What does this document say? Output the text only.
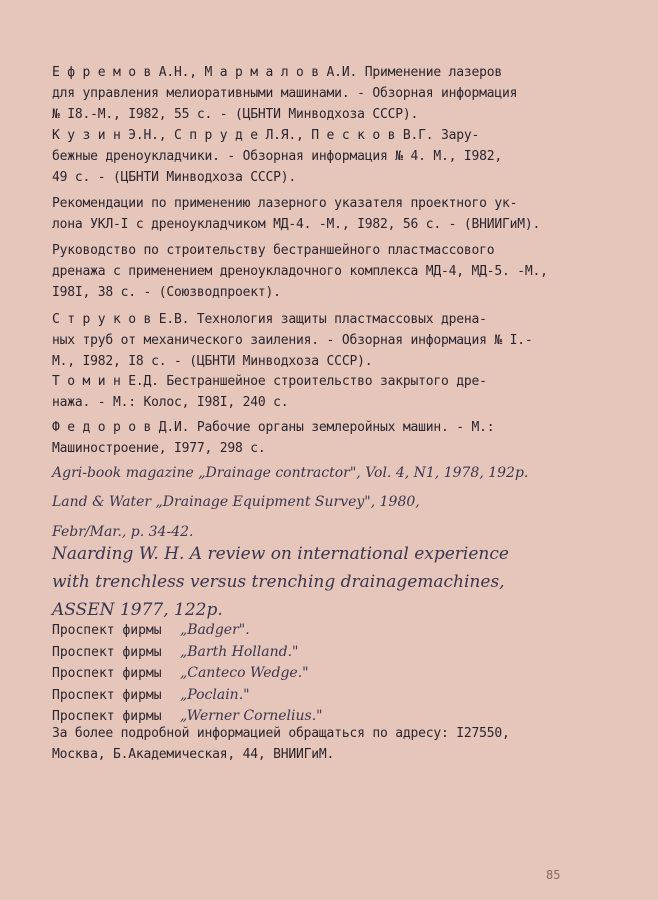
Е ф р е м о в А.Н., М а р м а л о в А.И. Применение лазеров
для управления мелиоративными машинами. - Обзорная информация
№ I8.-М., I982, 55 с. - (ЦБНТИ Минводхоза СССР).
К у з и н Э.Н., С п р у д е Л.Я., П е с к о в В.Г. Зару-
бежные дреноукладчики. - Обзорная информация № 4. М., I982,
49 с. - (ЦБНТИ Минводхоза СССР).
Рекомендации по применению лазерного указателя проектного ук-
лона УКЛ-I с дреноукладчиком МД-4. -М., I982, 56 с. - (ВНИИГиМ).
Руководство по строительству бестраншейного пластмассового
дренажа с применением дреноукладочного комплекса МД-4, МД-5. -М.,
I98I, 38 с. - (Союзводпроект).
С т р у к о в Е.В. Технология защиты пластмассовых дрена-
ных труб от механического заиления. - Обзорная информация № I.-
М., I982, I8 с. - (ЦБНТИ Минводхоза СССР).
Т о м и н Е.Д. Бестраншейное строительство закрытого дре-
нажа. - М.: Колос, I98I, 240 с.
Ф е д о р о в Д.И. Рабочие органы землеройных машин. - М.:
Машиностроение, I977, 298 с.
Agri-book magazine „Drainage contractor", Vol. 4, N1, 1978, 192p.
Land & Water „Drainage Equipment Survey", 1980,
Febr/Mar., p. 34-42.
Naarding W. H. A review on international experience
with trenchless versus trenching drainagemachines,
ASSEN 1977, 122p.
Проспект фирмы	„Badger".
Проспект фирмы	„Barth Holland."
Проспект фирмы	„Canteco Wedge."
Проспект фирмы	„Poclain."
Проспект фирмы	„Werner Cornelius."
За более подробной информацией обращаться по адресу: I27550,
Москва, Б.Академическая, 44, ВНИИГиМ.
85
